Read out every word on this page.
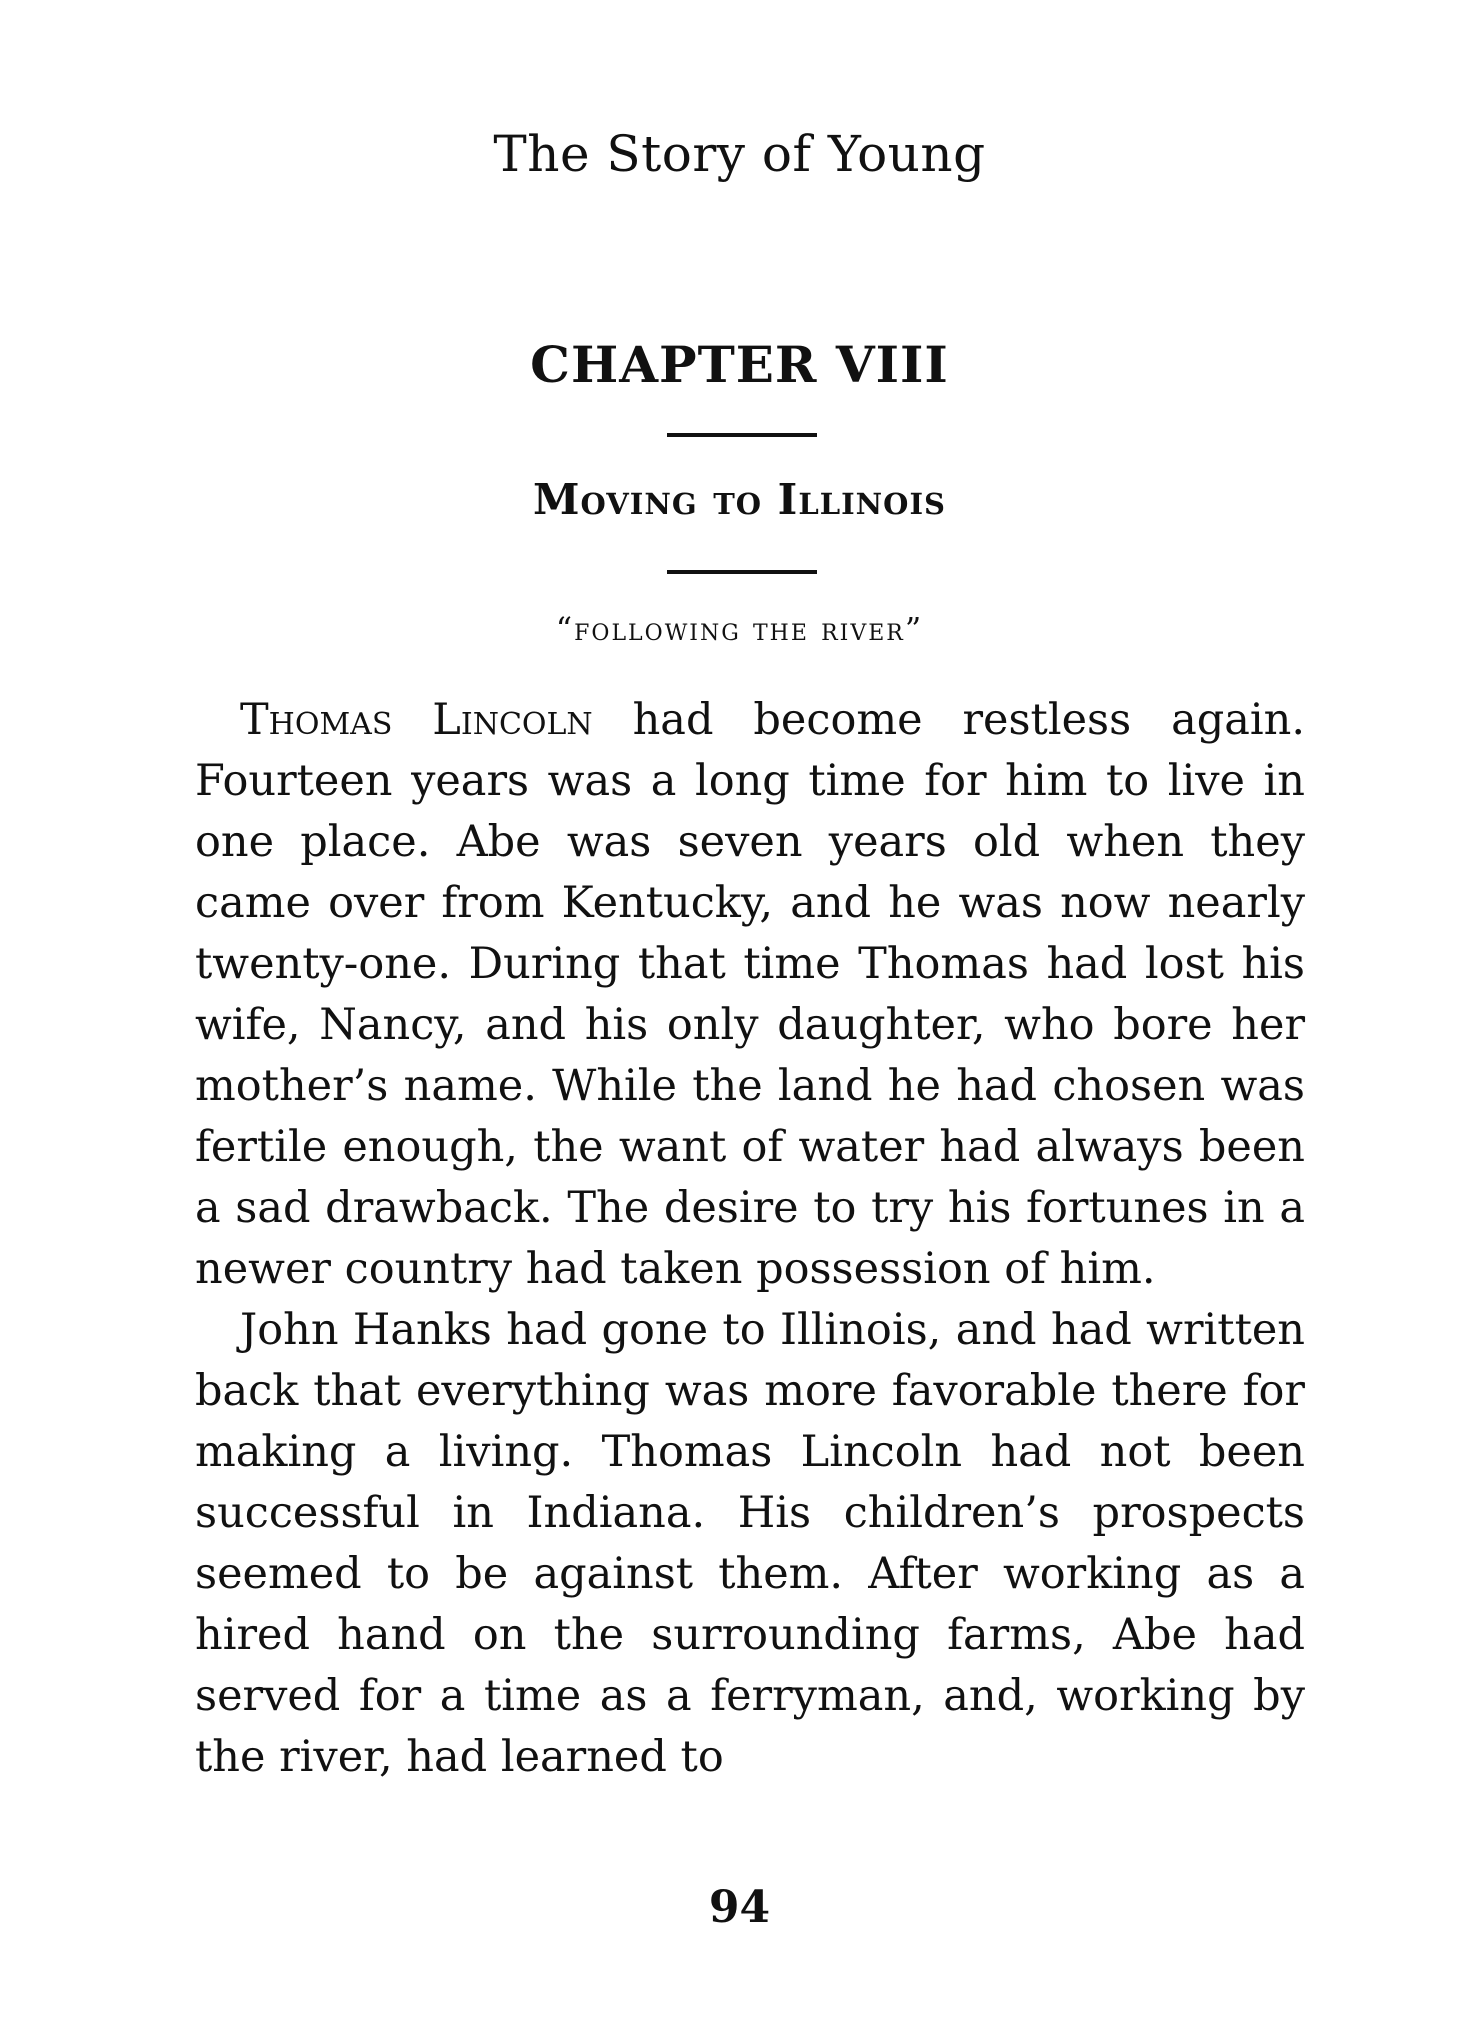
The Story of Young
CHAPTER VIII
Moving to Illinois
“following the river”

Thomas Lincoln had become restless again. Fourteen years was a long time for him to live in one place. Abe was seven years old when they came over from Kentucky, and he was now nearly twenty-one. During that time Thomas had lost his wife, Nancy, and his only daughter, who bore her mother’s name. While the land he had chosen was fertile enough, the want of water had always been a sad drawback. The desire to try his fortunes in a newer country had taken possession of him.

John Hanks had gone to Illinois, and had written back that everything was more favorable there for making a living. Thomas Lincoln had not been successful in Indiana. His children’s prospects seemed to be against them. After working as a hired hand on the surrounding farms, Abe had served for a time as a ferryman, and, working by the river, had learned to

94
